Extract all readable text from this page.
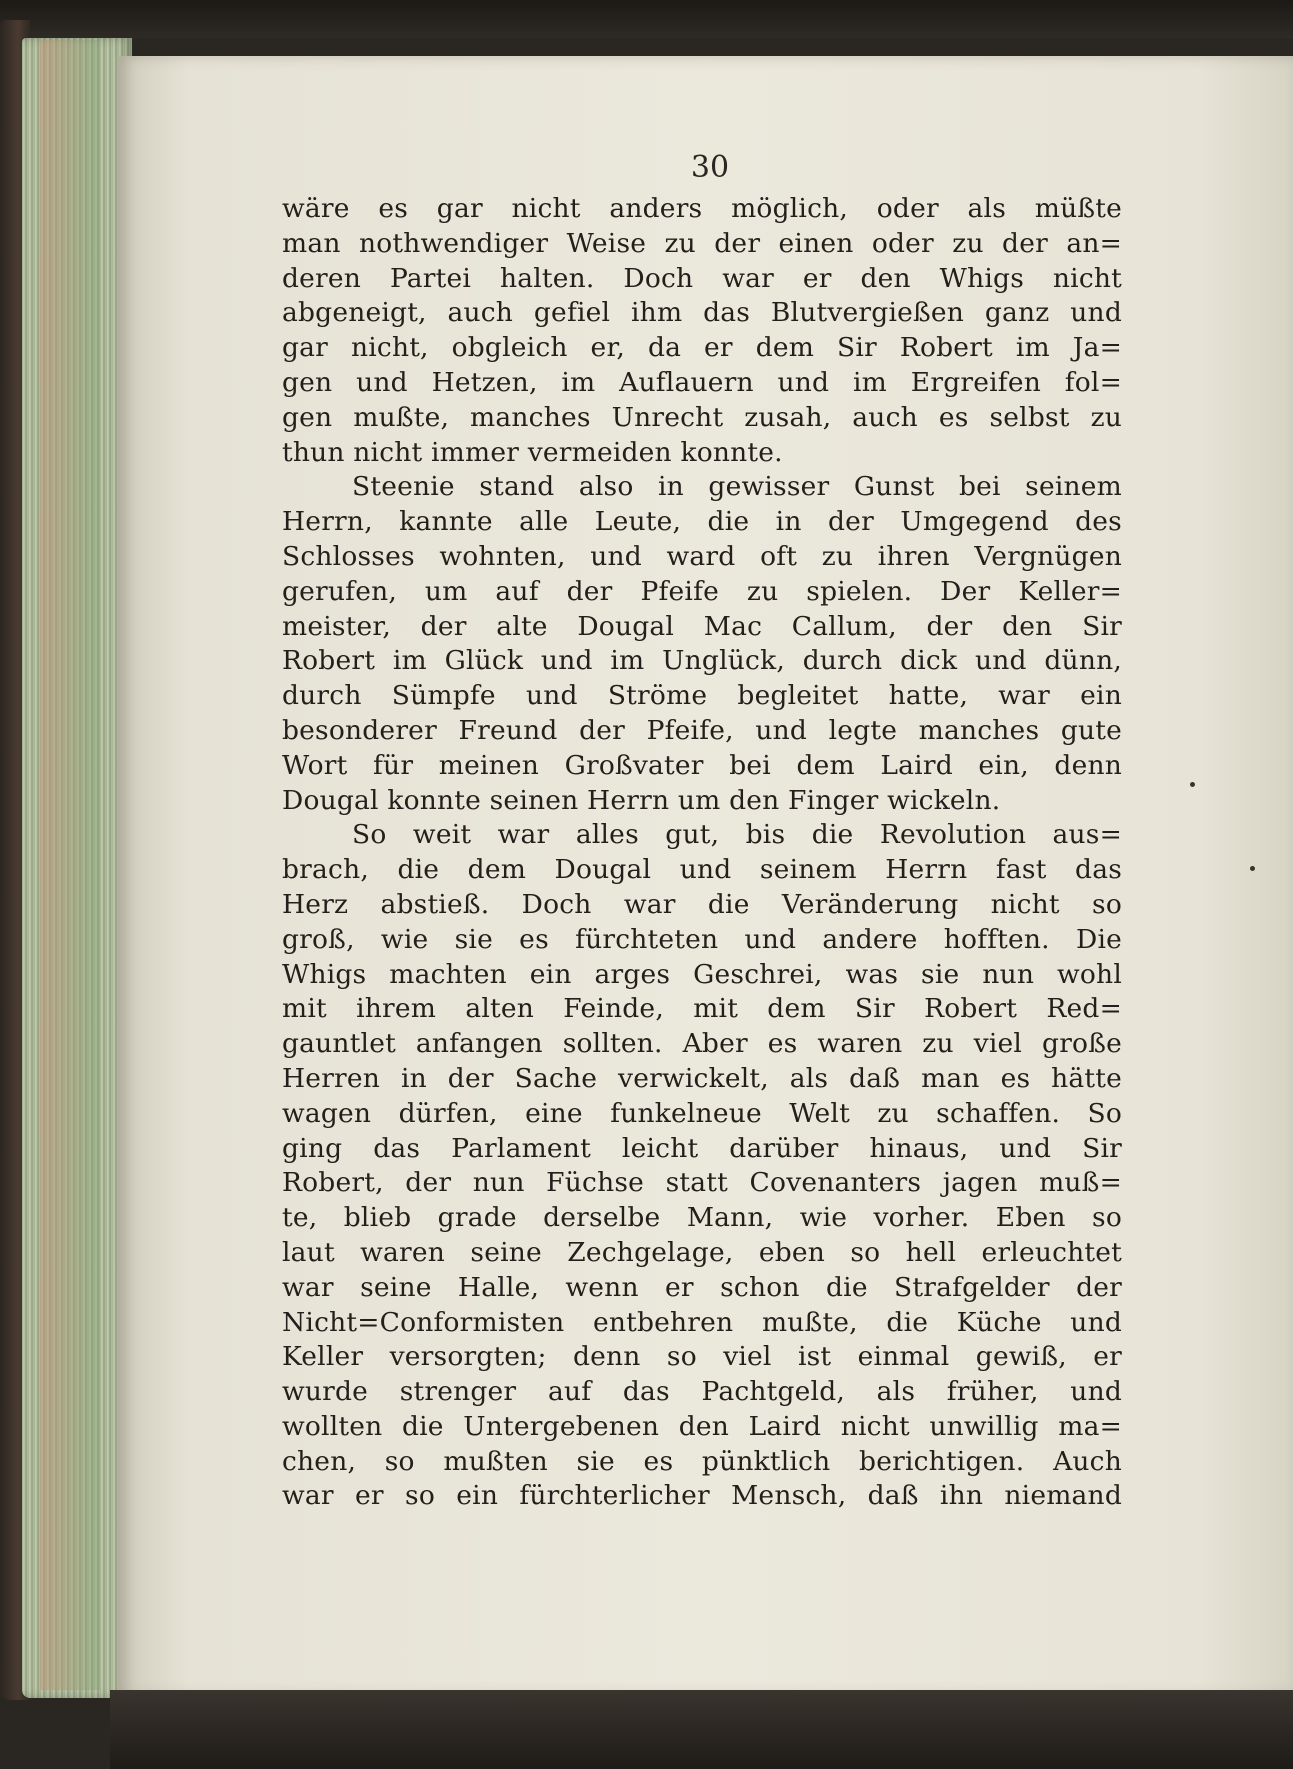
30
wäre es gar nicht anders möglich, oder als müßte
man nothwendiger Weise zu der einen oder zu der an=
deren Partei halten. Doch war er den Whigs nicht
abgeneigt, auch gefiel ihm das Blutvergießen ganz und
gar nicht, obgleich er, da er dem Sir Robert im Ja=
gen und Hetzen, im Auflauern und im Ergreifen fol=
gen mußte, manches Unrecht zusah, auch es selbst zu
thun nicht immer vermeiden konnte.
Steenie stand also in gewisser Gunst bei seinem
Herrn, kannte alle Leute, die in der Umgegend des
Schlosses wohnten, und ward oft zu ihren Vergnügen
gerufen, um auf der Pfeife zu spielen. Der Keller=
meister, der alte Dougal Mac Callum, der den Sir
Robert im Glück und im Unglück, durch dick und dünn,
durch Sümpfe und Ströme begleitet hatte, war ein
besonderer Freund der Pfeife, und legte manches gute
Wort für meinen Großvater bei dem Laird ein, denn
Dougal konnte seinen Herrn um den Finger wickeln.
So weit war alles gut, bis die Revolution aus=
brach, die dem Dougal und seinem Herrn fast das
Herz abstieß. Doch war die Veränderung nicht so
groß, wie sie es fürchteten und andere hofften. Die
Whigs machten ein arges Geschrei, was sie nun wohl
mit ihrem alten Feinde, mit dem Sir Robert Red=
gauntlet anfangen sollten. Aber es waren zu viel große
Herren in der Sache verwickelt, als daß man es hätte
wagen dürfen, eine funkelneue Welt zu schaffen. So
ging das Parlament leicht darüber hinaus, und Sir
Robert, der nun Füchse statt Covenanters jagen muß=
te, blieb grade derselbe Mann, wie vorher. Eben so
laut waren seine Zechgelage, eben so hell erleuchtet
war seine Halle, wenn er schon die Strafgelder der
Nicht=Conformisten entbehren mußte, die Küche und
Keller versorgten; denn so viel ist einmal gewiß, er
wurde strenger auf das Pachtgeld, als früher, und
wollten die Untergebenen den Laird nicht unwillig ma=
chen, so mußten sie es pünktlich berichtigen. Auch
war er so ein fürchterlicher Mensch, daß ihn niemand
